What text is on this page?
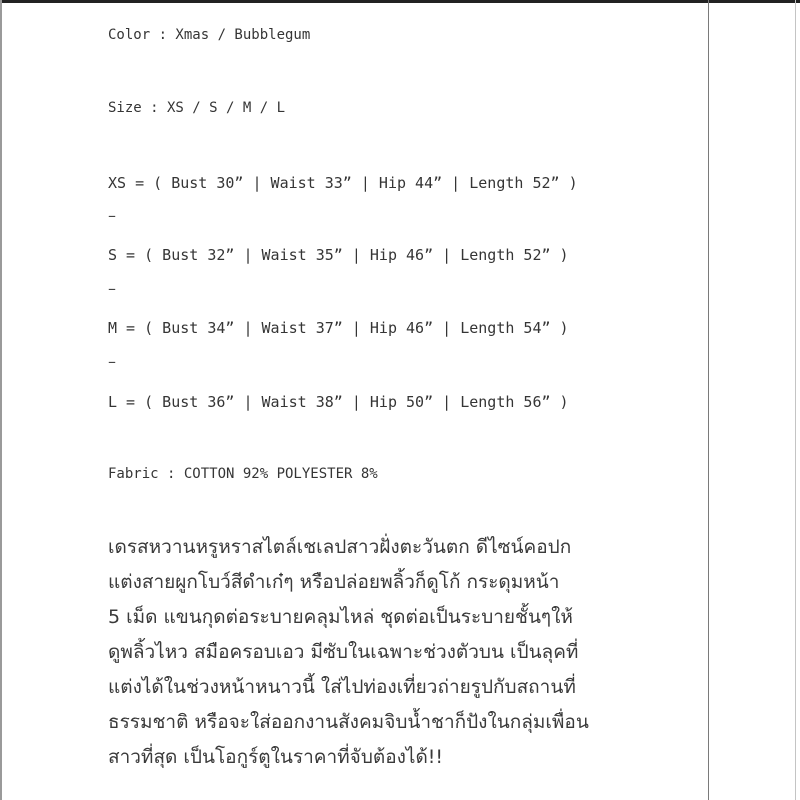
Color : Xmas / Bubblegum
Size : XS / S / M / L
XS = ( Bust 30” | Waist 33” | Hip 44” | Length 52” )
–
S = ( Bust 32” | Waist 35” | Hip 46” | Length 52” )
–
M = ( Bust 34” | Waist 37” | Hip 46” | Length 54” )
–
L = ( Bust 36” | Waist 38” | Hip 50” | Length 56” )
Fabric : COTTON 92% POLYESTER 8%

เดรสหวานหรูหราสไตล์เชเลปสาวฝั่งตะวันตก ดีไซน์คอปก

แต่งสายผูกโบว์สีดำเก๋ๆ หรือปล่อยพลิ้วก็ดูโก้ กระดุมหน้า

5 เม็ด แขนกุดต่อระบายคลุมไหล่ ชุดต่อเป็นระบายชั้นๆให้

ดูพลิ้วไหว สมือครอบเอว มีซับในเฉพาะช่วงตัวบน เป็นลุคที่

แต่งได้ในช่วงหน้าหนาวนี้ ใส่ไปท่องเที่ยวถ่ายรูปกับสถานที่

ธรรมชาติ หรือจะใส่ออกงานสังคมจิบน้ำชาก็ปังในกลุ่มเพื่อน

สาวที่สุด เป็นโอกูร์ตูในราคาที่จับต้องได้!!
